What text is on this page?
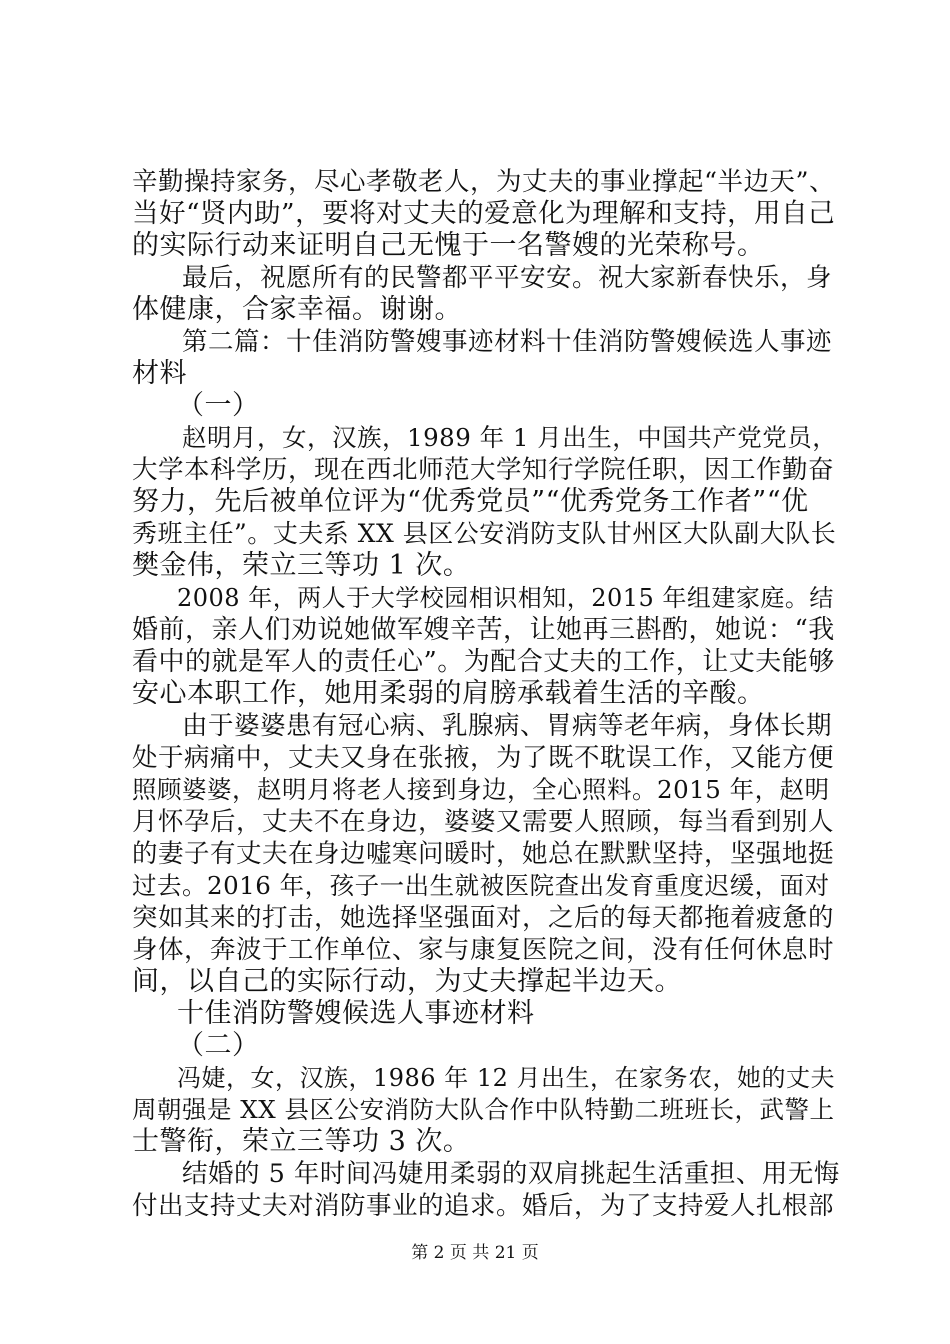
辛勤操持家务，尽心孝敬老人，为丈夫的事业撑起“半边天”、
当好“贤内助”，要将对丈夫的爱意化为理解和支持，用自己
的实际行动来证明自己无愧于一名警嫂的光荣称号。
最后，祝愿所有的民警都平平安安。祝大家新春快乐，身
体健康，合家幸福。谢谢。
第二篇：十佳消防警嫂事迹材料十佳消防警嫂候选人事迹
材料
（一）
赵明月，女，汉族，1989 年 1 月出生，中国共产党党员，
大学本科学历，现在西北师范大学知行学院任职，因工作勤奋
努力，先后被单位评为“优秀党员”“优秀党务工作者”“优
秀班主任”。丈夫系 XX 县区公安消防支队甘州区大队副大队长
樊金伟，荣立三等功 1 次。
2008 年，两人于大学校园相识相知，2015 年组建家庭。结
婚前，亲人们劝说她做军嫂辛苦，让她再三斟酌，她说：“我
看中的就是军人的责任心”。为配合丈夫的工作，让丈夫能够
安心本职工作，她用柔弱的肩膀承载着生活的辛酸。
由于婆婆患有冠心病、乳腺病、胃病等老年病，身体长期
处于病痛中，丈夫又身在张掖，为了既不耽误工作，又能方便
照顾婆婆，赵明月将老人接到身边，全心照料。2015 年，赵明
月怀孕后，丈夫不在身边，婆婆又需要人照顾，每当看到别人
的妻子有丈夫在身边嘘寒问暖时，她总在默默坚持，坚强地挺
过去。2016 年，孩子一出生就被医院查出发育重度迟缓，面对
突如其来的打击，她选择坚强面对，之后的每天都拖着疲惫的
身体，奔波于工作单位、家与康复医院之间，没有任何休息时
间，以自己的实际行动，为丈夫撑起半边天。
十佳消防警嫂候选人事迹材料
（二）
冯婕，女，汉族，1986 年 12 月出生，在家务农，她的丈夫
周朝强是 XX 县区公安消防大队合作中队特勤二班班长，武警上
士警衔，荣立三等功 3 次。
结婚的 5 年时间冯婕用柔弱的双肩挑起生活重担、用无悔
付出支持丈夫对消防事业的追求。婚后，为了支持爱人扎根部
第 2 页 共 21 页
